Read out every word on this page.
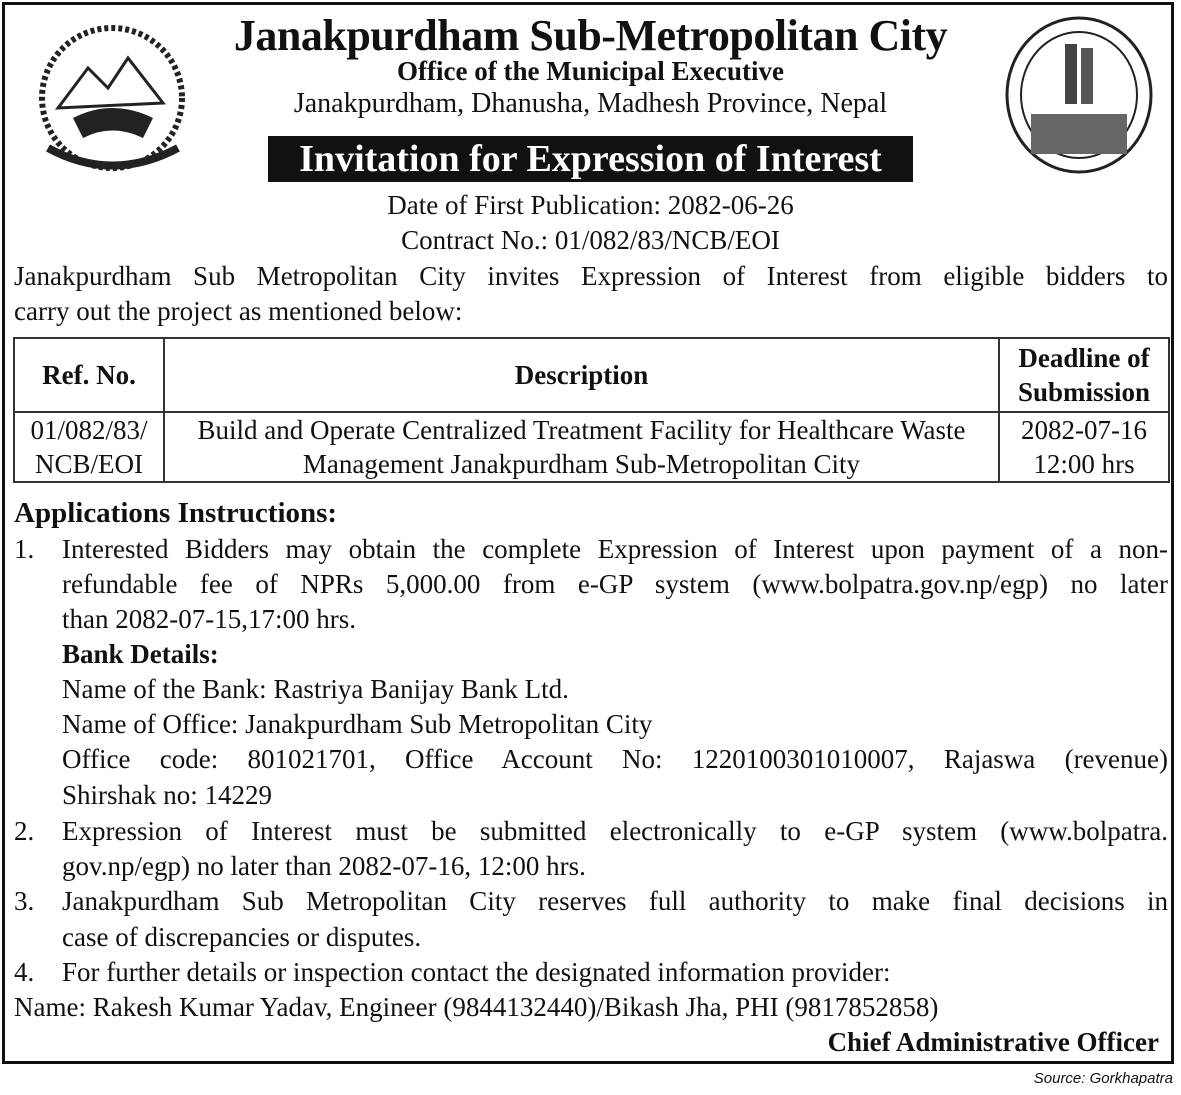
Janakpurdham Sub-Metropolitan City
Office of the Municipal Executive
Janakpurdham, Dhanusha, Madhesh Province, Nepal
Invitation for Expression of Interest
Date of First Publication: 2082-06-26
Contract No.: 01/082/83/NCB/EOI
Janakpurdham Sub Metropolitan City invites Expression of Interest from eligible bidders to
carry out the project as mentioned below:
Ref. No.	Description	Deadline of Submission
01/082/83/ NCB/EOI	Build and Operate Centralized Treatment Facility for Healthcare Waste Management Janakpurdham Sub-Metropolitan City	2082-07-16 12:00 hrs
Applications Instructions:
1. Interested Bidders may obtain the complete Expression of Interest upon payment of a non-
refundable fee of NPRs 5,000.00 from e-GP system (www.bolpatra.gov.np/egp) no later
than 2082-07-15,17:00 hrs.
Bank Details:
Name of the Bank: Rastriya Banijay Bank Ltd.
Name of Office: Janakpurdham Sub Metropolitan City
Office code: 801021701, Office Account No: 1220100301010007, Rajaswa (revenue)
Shirshak no: 14229
2. Expression of Interest must be submitted electronically to e-GP system (www.bolpatra.
gov.np/egp) no later than 2082-07-16, 12:00 hrs.
3. Janakpurdham Sub Metropolitan City reserves full authority to make final decisions in
case of discrepancies or disputes.
4. For further details or inspection contact the designated information provider:
Name: Rakesh Kumar Yadav, Engineer (9844132440)/Bikash Jha, PHI (9817852858)
Chief Administrative Officer
Source: Gorkhapatra
